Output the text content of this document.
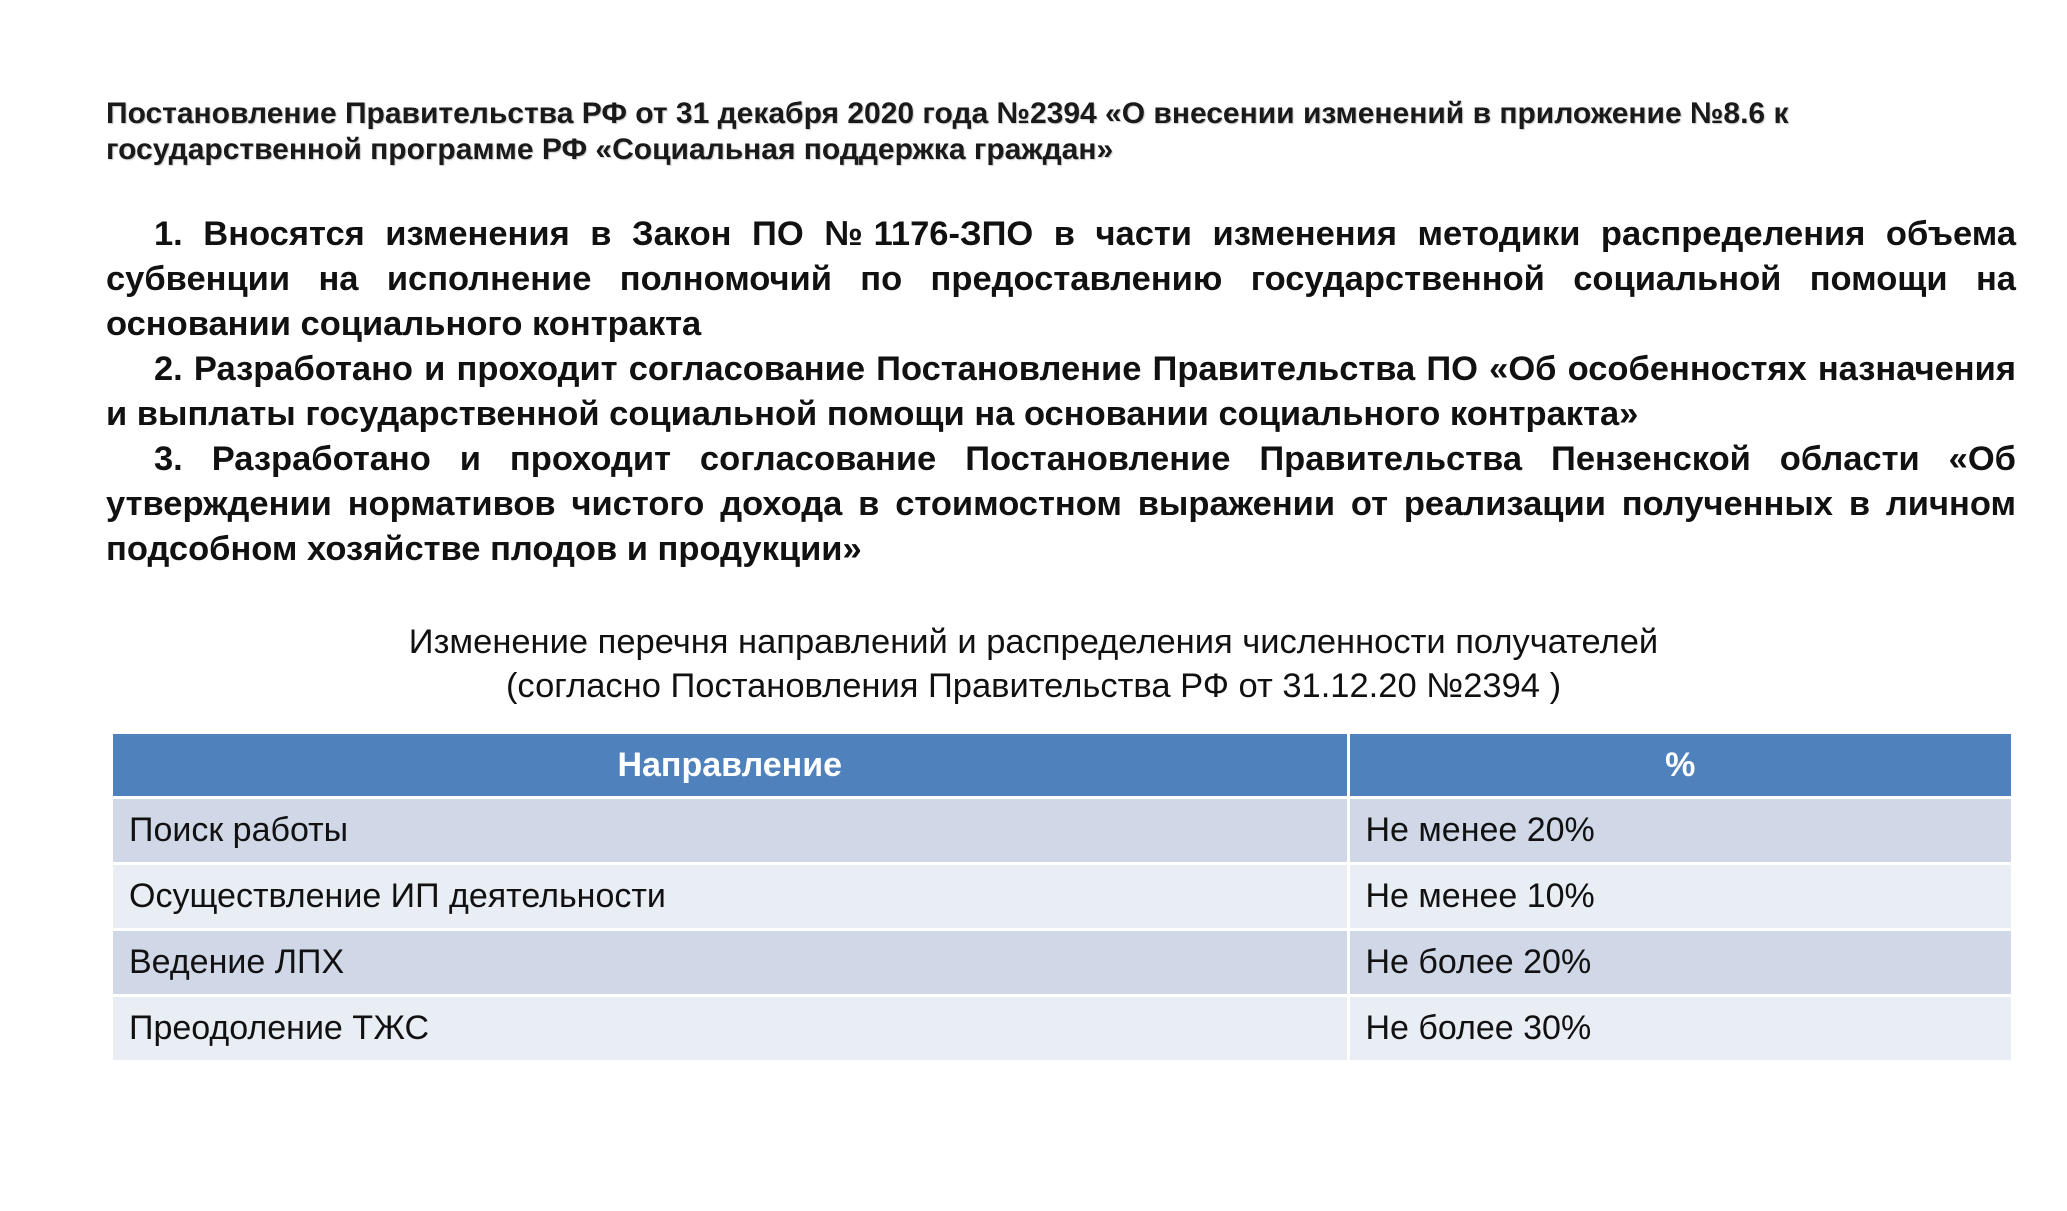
Постановление Правительства РФ от 31 декабря 2020 года №2394 «О внесении изменений в приложение №8.6 к
государственной программе РФ «Социальная поддержка граждан»

1. Вносятся изменения в Закон ПО №1176-ЗПО в части изменения методики распределения объема субвенции на исполнение полномочий по предоставлению государственной социальной помощи на основании социального контракта

2. Разработано и проходит согласование Постановление Правительства ПО «Об особенностях назначения и выплаты государственной социальной помощи на основании социального контракта»

3. Разработано и проходит согласование Постановление Правительства Пензенской области «Об утверждении нормативов чистого дохода в стоимостном выражении от реализации полученных в личном подсобном хозяйстве плодов и продукции»

Изменение перечня направлений и распределения численности получателей
(согласно Постановления Правительства РФ от 31.12.20 №2394 )
Направление	%
Поиск работы	Не менее 20%
Осуществление ИП деятельности	Не менее 10%
Ведение ЛПХ	Не более 20%
Преодоление ТЖС	Не более 30%
